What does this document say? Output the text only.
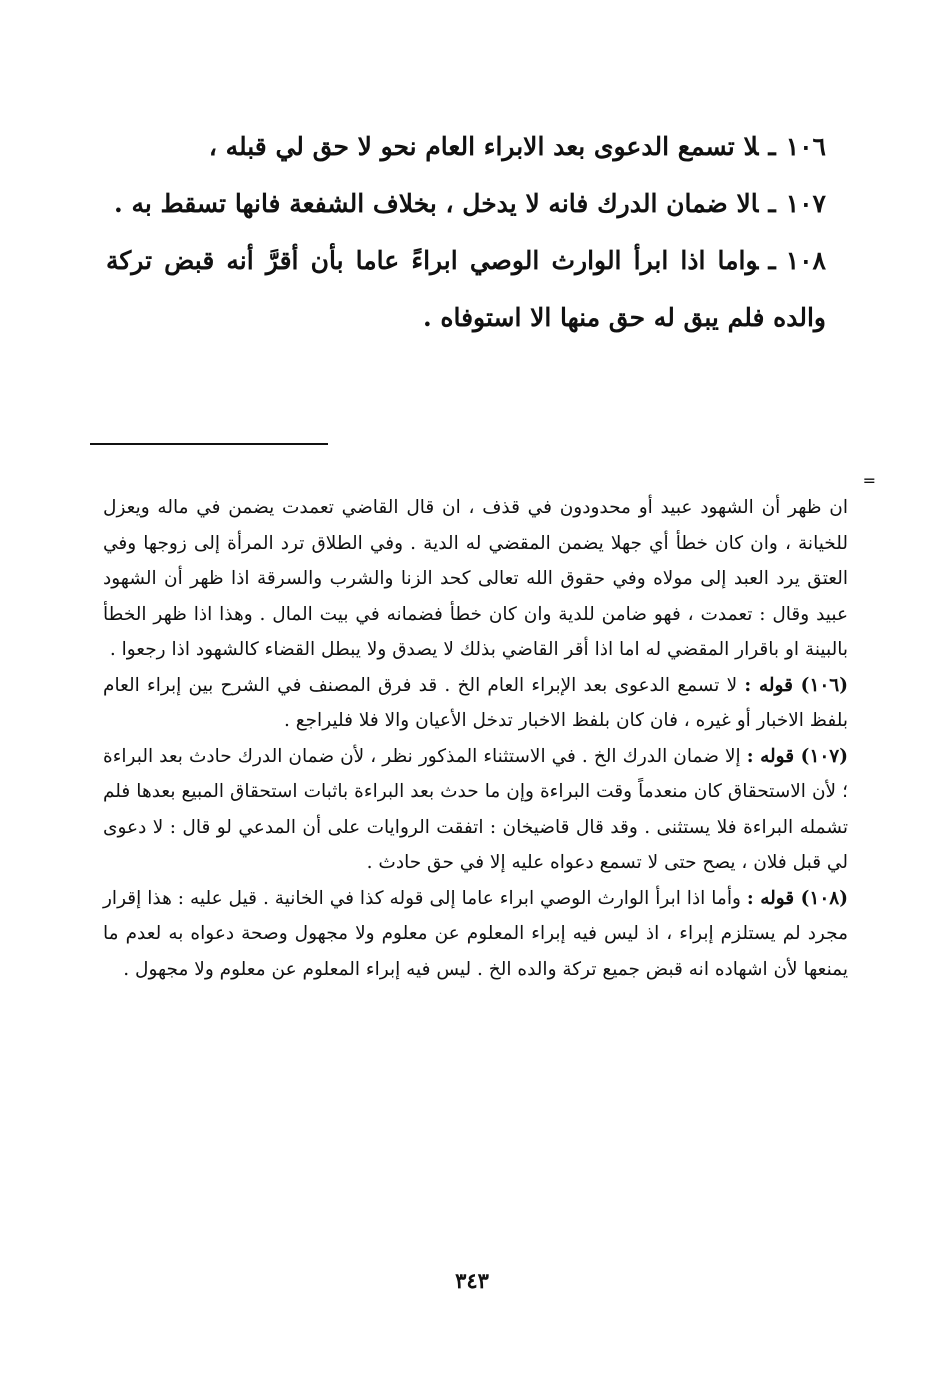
١٠٦ـلا تسمع الدعوى بعد الابراء العام نحو لا حق لي قبله ،

١٠٧ـالا ضمان الدرك فانه لا يدخل ، بخلاف الشفعة فانها تسقط به .

١٠٨ـواما اذا ابرأ الوارث الوصي ابراءً عاما بأن أقرَّ أنه قبض تركة والده فلم يبق له حق منها الا استوفاه .

=

ان ظهر أن الشهود عبيد أو محدودون في قذف ، ان قال القاضي تعمدت يضمن في ماله ويعزل للخيانة ، وان كان خطأ أي جهلا يضمن المقضي له الدية . وفي الطلاق ترد المرأة إلى زوجها وفي العتق يرد العبد إلى مولاه وفي حقوق الله تعالى كحد الزنا والشرب والسرقة اذا ظهر أن الشهود عبيد وقال : تعمدت ، فهو ضامن للدية وان كان خطأ فضمانه في بيت المال . وهذا اذا ظهر الخطأ بالبينة او باقرار المقضي له اما اذا أقر القاضي بذلك لا يصدق ولا يبطل القضاء كالشهود اذا رجعوا .

(١٠٦) قوله : لا تسمع الدعوى بعد الإبراء العام الخ . قد فرق المصنف في الشرح بين إبراء العام بلفظ الاخبار أو غيره ، فان كان بلفظ الاخبار تدخل الأعيان والا فلا فليراجع .

(١٠٧) قوله : إلا ضمان الدرك الخ . في الاستثناء المذكور نظر ، لأن ضمان الدرك حادث بعد البراءة ؛ لأن الاستحقاق كان منعدماً وقت البراءة وإن ما حدث بعد البراءة باثبات استحقاق المبيع بعدها فلم تشمله البراءة فلا يستثنى . وقد قال قاضيخان : اتفقت الروايات على أن المدعي لو قال : لا دعوى لي قبل فلان ، يصح حتى لا تسمع دعواه عليه إلا في حق حادث .

(١٠٨) قوله : وأما اذا ابرأ الوارث الوصي ابراء عاما إلى قوله كذا في الخانية . قيل عليه : هذا إقرار مجرد لم يستلزم إبراء ، اذ ليس فيه إبراء المعلوم عن معلوم ولا مجهول وصحة دعواه به لعدم ما يمنعها لأن اشهاده انه قبض جميع تركة والده الخ . ليس فيه إبراء المعلوم عن معلوم ولا مجهول .

٣٤٣
